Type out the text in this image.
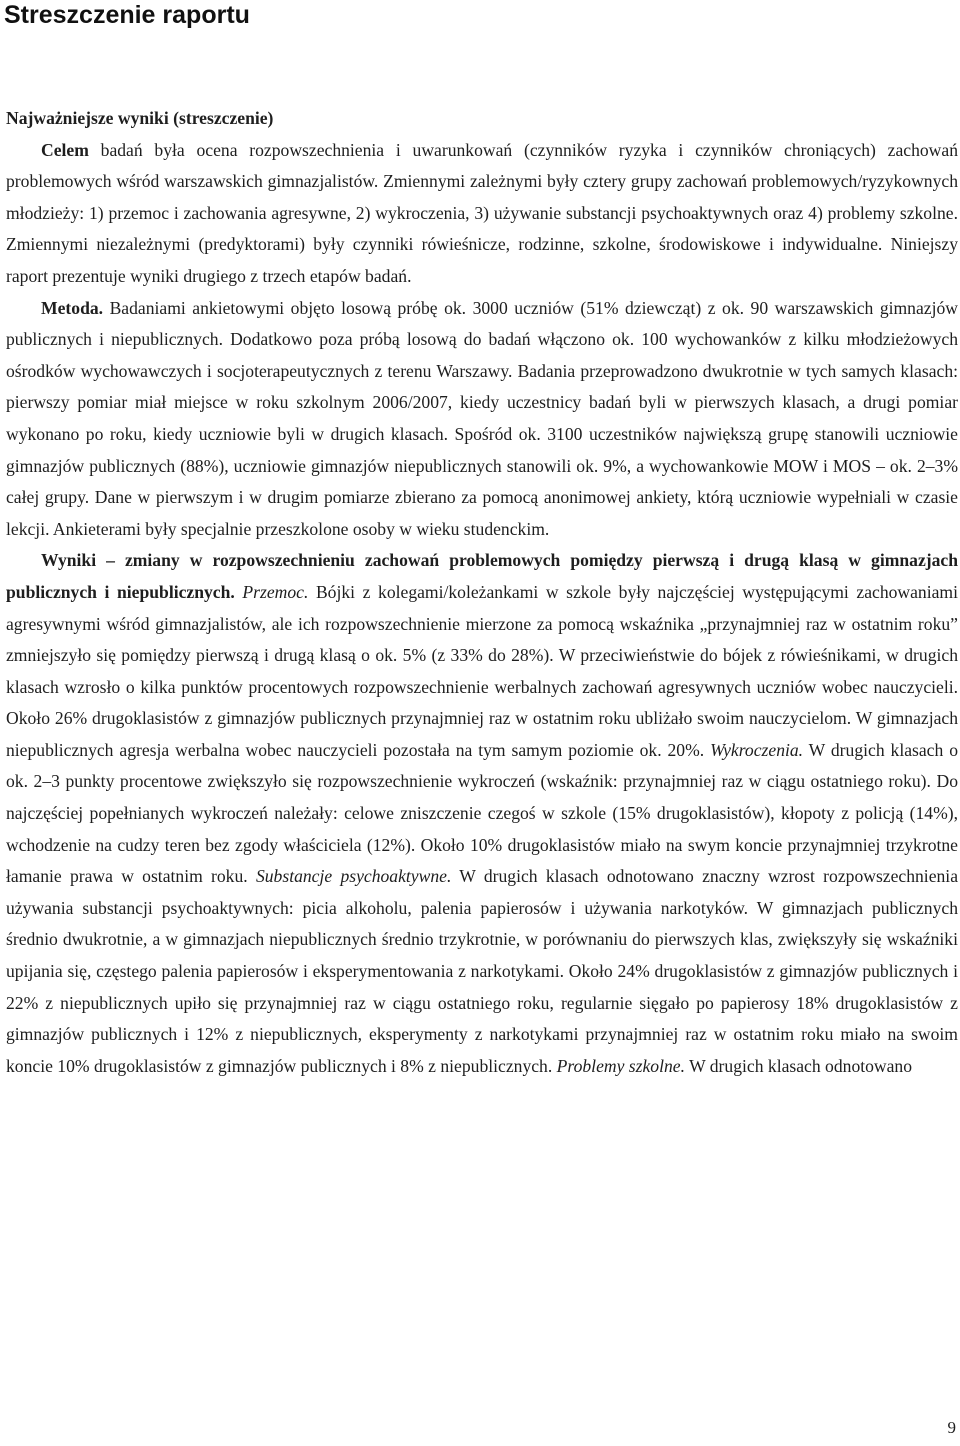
Streszczenie raportu

Najważniejsze wyniki (streszczenie)

Celem badań była ocena rozpowszechnienia i uwarunkowań (czynników ryzyka i czynników chroniących) zachowań problemowych wśród warszawskich gimnazjalistów. Zmiennymi zależnymi były cztery grupy zachowań problemowych/ryzykownych młodzieży: 1) przemoc i zachowania agresywne, 2) wykroczenia, 3) używanie substancji psychoaktywnych oraz 4) problemy szkolne. Zmiennymi niezależnymi (predyktorami) były czynniki rówieśnicze, rodzinne, szkolne, środowiskowe i indywidualne. Niniejszy raport prezentuje wyniki drugiego z trzech etapów badań.

Metoda. Badaniami ankietowymi objęto losową próbę ok. 3000 uczniów (51% dziewcząt) z ok. 90 warszawskich gimnazjów publicznych i niepublicznych. Dodatkowo poza próbą losową do badań włączono ok. 100 wychowanków z kilku młodzieżowych ośrodków wychowawczych i socjoterapeutycznych z terenu Warszawy. Badania przeprowadzono dwukrotnie w tych samych klasach: pierwszy pomiar miał miejsce w roku szkolnym 2006/2007, kiedy uczestnicy badań byli w pierwszych klasach, a drugi pomiar wykonano po roku, kiedy uczniowie byli w drugich klasach. Spośród ok. 3100 uczestników największą grupę stanowili uczniowie gimnazjów publicznych (88%), uczniowie gimnazjów niepublicznych stanowili ok. 9%, a wychowankowie MOW i MOS – ok. 2–3% całej grupy. Dane w pierwszym i w drugim pomiarze zbierano za pomocą anonimowej ankiety, którą uczniowie wypełniali w czasie lekcji. Ankieterami były specjalnie przeszkolone osoby w wieku studenckim.

Wyniki – zmiany w rozpowszechnieniu zachowań problemowych pomiędzy pierwszą i drugą klasą w gimnazjach publicznych i niepublicznych. Przemoc. Bójki z kolegami/koleżankami w szkole były najczęściej występującymi zachowaniami agresywnymi wśród gimnazjalistów, ale ich rozpowszechnienie mierzone za pomocą wskaźnika „przynajmniej raz w ostatnim roku” zmniejszyło się pomiędzy pierwszą i drugą klasą o ok. 5% (z 33% do 28%). W przeciwieństwie do bójek z rówieśnikami, w drugich klasach wzrosło o kilka punktów procentowych rozpowszechnienie werbalnych zachowań agresywnych uczniów wobec nauczycieli. Około 26% drugoklasistów z gimnazjów publicznych przynajmniej raz w ostatnim roku ubliżało swoim nauczycielom. W gimnazjach niepublicznych agresja werbalna wobec nauczycieli pozostała na tym samym poziomie ok. 20%. Wykroczenia. W drugich klasach o ok. 2–3 punkty procentowe zwiększyło się rozpowszechnienie wykroczeń (wskaźnik: przynajmniej raz w ciągu ostatniego roku). Do najczęściej popełnianych wykroczeń należały: celowe zniszczenie czegoś w szkole (15% drugoklasistów), kłopoty z policją (14%), wchodzenie na cudzy teren bez zgody właściciela (12%). Około 10% drugoklasistów miało na swym koncie przynajmniej trzykrotne łamanie prawa w ostatnim roku. Substancje psychoaktywne. W drugich klasach odnotowano znaczny wzrost rozpowszechnienia używania substancji psychoaktywnych: picia alkoholu, palenia papierosów i używania narkotyków. W gimnazjach publicznych średnio dwukrotnie, a w gimnazjach niepublicznych średnio trzykrotnie, w porównaniu do pierwszych klas, zwiększyły się wskaźniki upijania się, częstego palenia papierosów i eksperymentowania z narkotykami. Około 24% drugoklasistów z gimnazjów publicznych i 22% z niepublicznych upiło się przynajmniej raz w ciągu ostatniego roku, regularnie sięgało po papierosy 18% drugoklasistów z gimnazjów publicznych i 12% z niepublicznych, eksperymenty z narkotykami przynajmniej raz w ostatnim roku miało na swoim koncie 10% drugoklasistów z gimnazjów publicznych i 8% z niepublicznych. Problemy szkolne. W drugich klasach odnotowano

9
